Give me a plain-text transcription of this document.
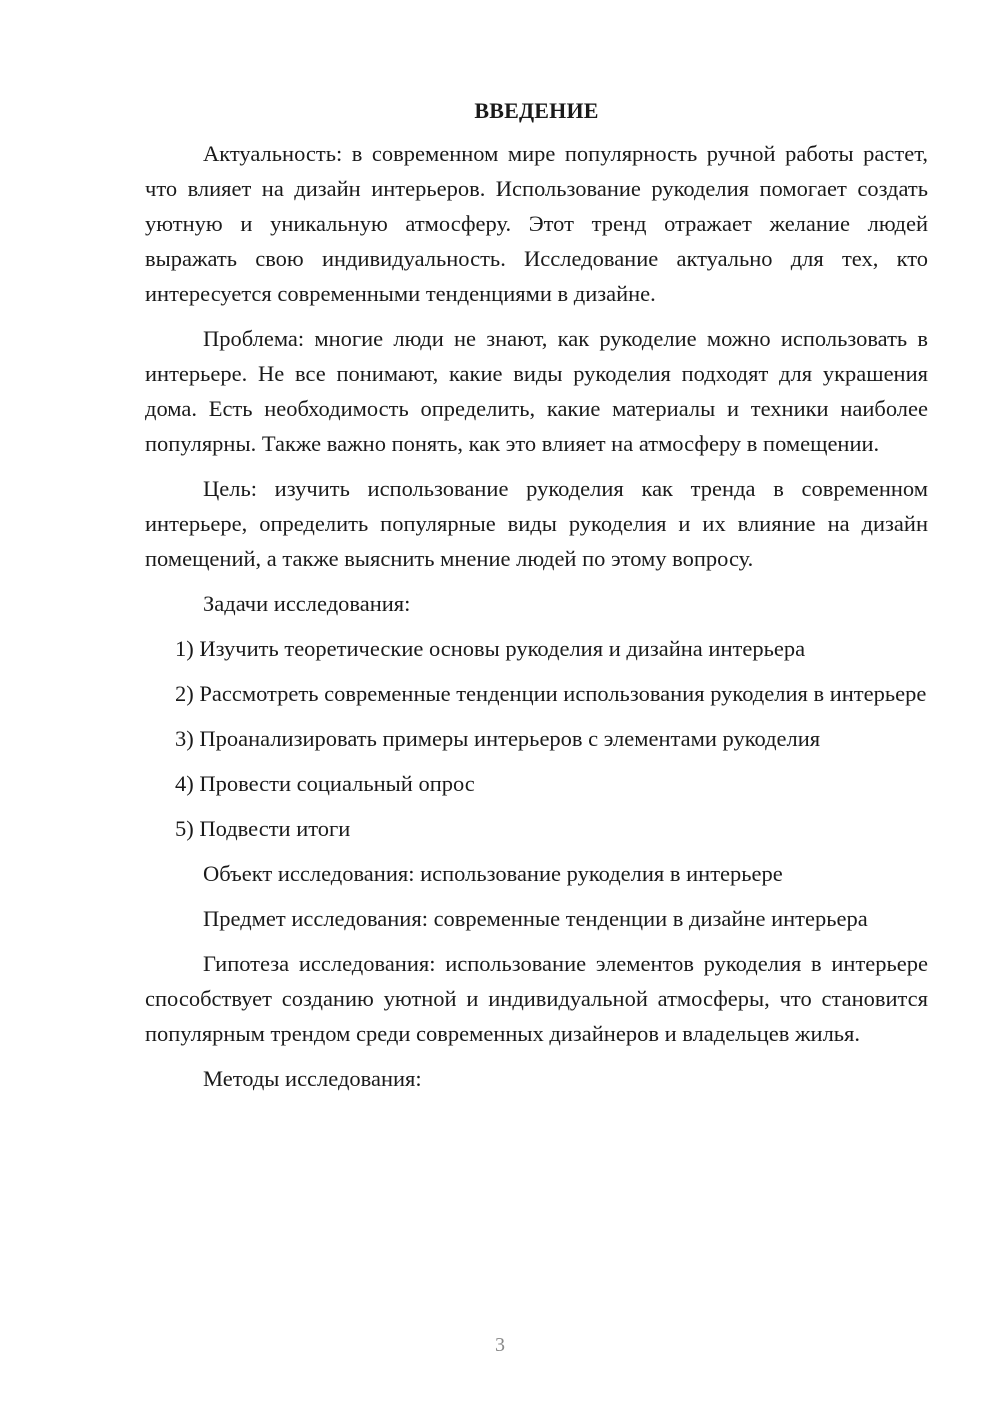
ВВЕДЕНИЕ

Актуальность: в современном мире популярность ручной работы растет, что влияет на дизайн интерьеров. Использование рукоделия помогает создать уютную и уникальную атмосферу. Этот тренд отражает желание людей выражать свою индивидуальность. Исследование актуально для тех, кто интересуется современными тенденциями в дизайне.

Проблема: многие люди не знают, как рукоделие можно использовать в интерьере. Не все понимают, какие виды рукоделия подходят для украшения дома. Есть необходимость определить, какие материалы и техники наиболее популярны. Также важно понять, как это влияет на атмосферу в помещении.

Цель: изучить использование рукоделия как тренда в современном интерьере, определить популярные виды рукоделия и их влияние на дизайн помещений, а также выяснить мнение людей по этому вопросу.

Задачи исследования:

1) Изучить теоретические основы рукоделия и дизайна интерьера

2) Рассмотреть современные тенденции использования рукоделия в интерьере

3) Проанализировать примеры интерьеров с элементами рукоделия

4) Провести социальный опрос

5) Подвести итоги

Объект исследования: использование рукоделия в интерьере

Предмет исследования: современные тенденции в дизайне интерьера

Гипотеза исследования: использование элементов рукоделия в интерьере способствует созданию уютной и индивидуальной атмосферы, что становится популярным трендом среди современных дизайнеров и владельцев жилья.

Методы исследования:

3
